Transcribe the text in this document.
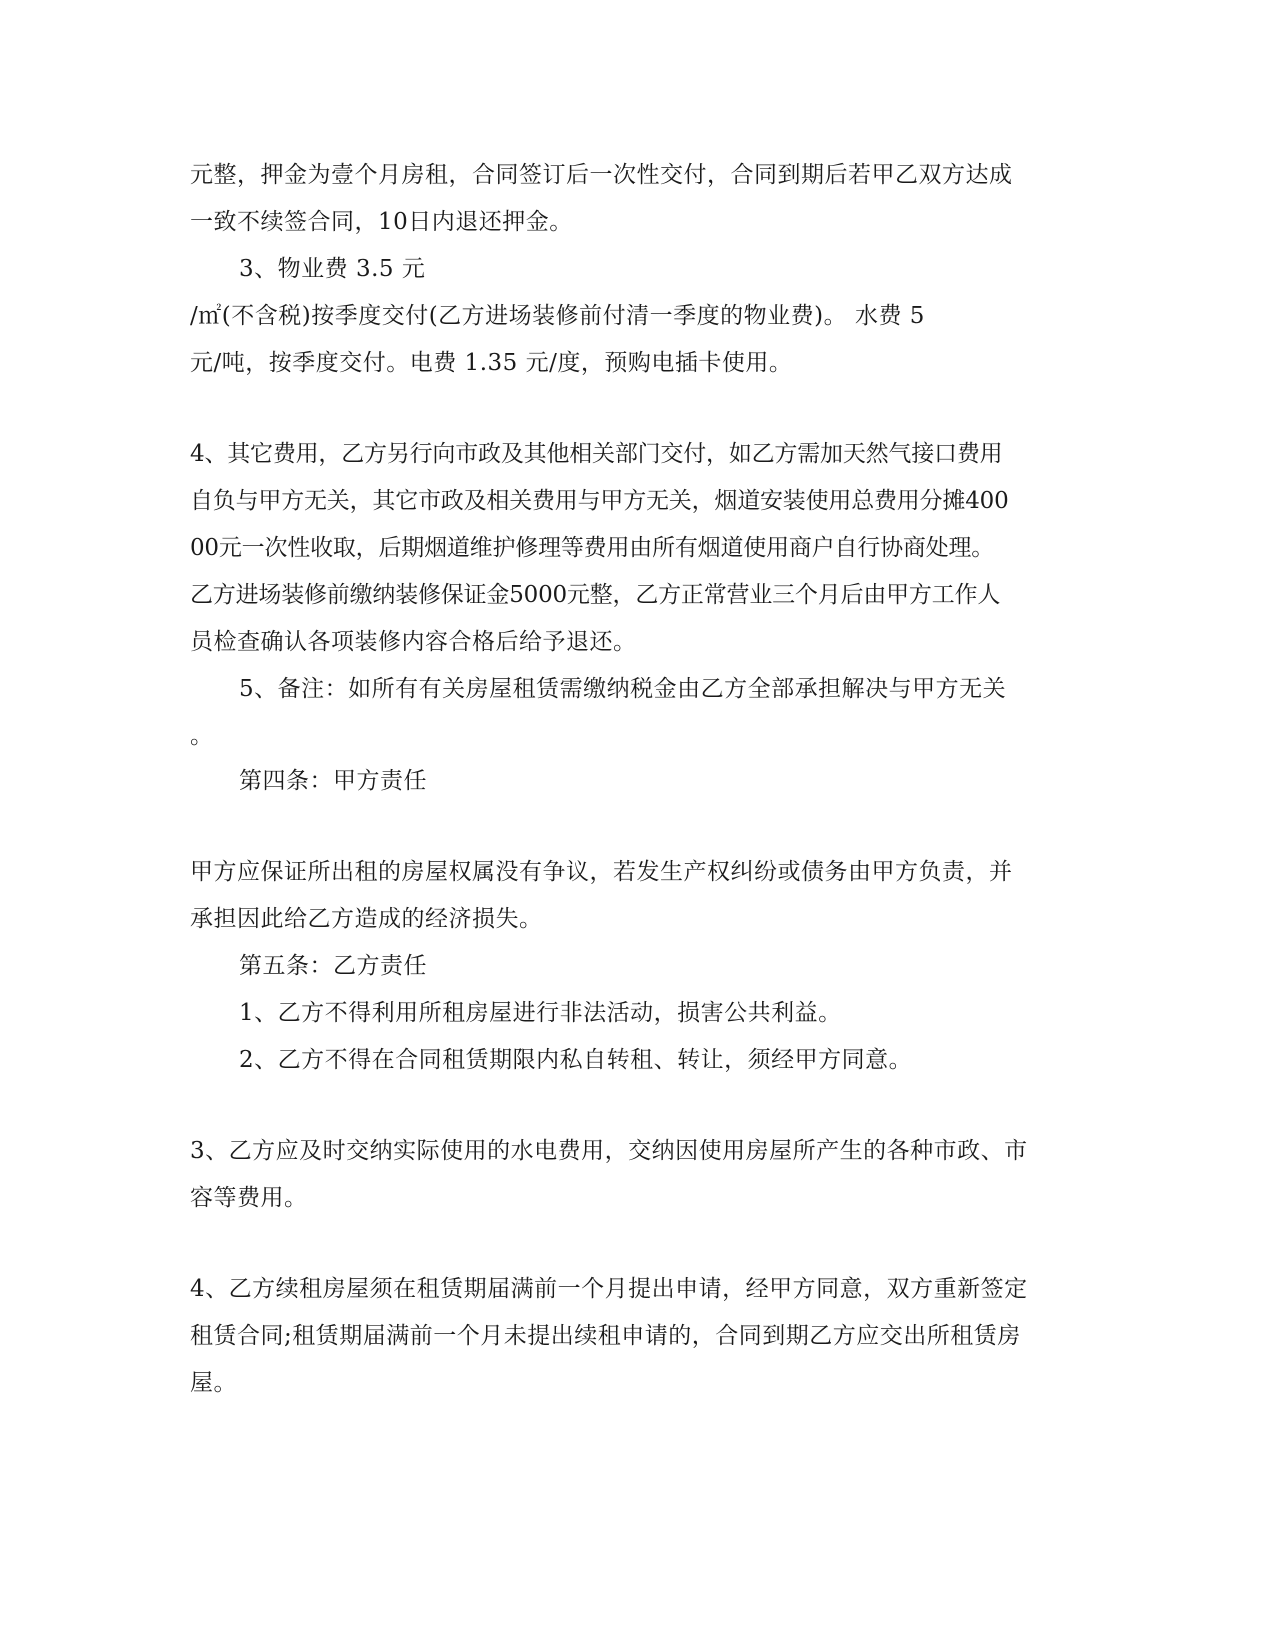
元整，押金为壹个月房租，合同签订后一次性交付，合同到期后若甲乙双方达成
一致不续签合同，10日内退还押金。
3、物业费 3.5 元
/㎡(不含税)按季度交付(乙方进场装修前付清一季度的物业费)。 水费 5
元/吨，按季度交付。电费 1.35 元/度，预购电插卡使用。
4、其它费用，乙方另行向市政及其他相关部门交付，如乙方需加天然气接口费用
自负与甲方无关，其它市政及相关费用与甲方无关，烟道安装使用总费用分摊400
00元一次性收取，后期烟道维护修理等费用由所有烟道使用商户自行协商处理。
乙方进场装修前缴纳装修保证金5000元整，乙方正常营业三个月后由甲方工作人
员检查确认各项装修内容合格后给予退还。
5、备注：如所有有关房屋租赁需缴纳税金由乙方全部承担解决与甲方无关
。
第四条：甲方责任
甲方应保证所出租的房屋权属没有争议，若发生产权纠纷或债务由甲方负责，并
承担因此给乙方造成的经济损失。
第五条：乙方责任
1、乙方不得利用所租房屋进行非法活动，损害公共利益。
2、乙方不得在合同租赁期限内私自转租、转让，须经甲方同意。
3、乙方应及时交纳实际使用的水电费用，交纳因使用房屋所产生的各种市政、市
容等费用。
4、乙方续租房屋须在租赁期届满前一个月提出申请，经甲方同意，双方重新签定
租赁合同;租赁期届满前一个月未提出续租申请的，合同到期乙方应交出所租赁房
屋。
